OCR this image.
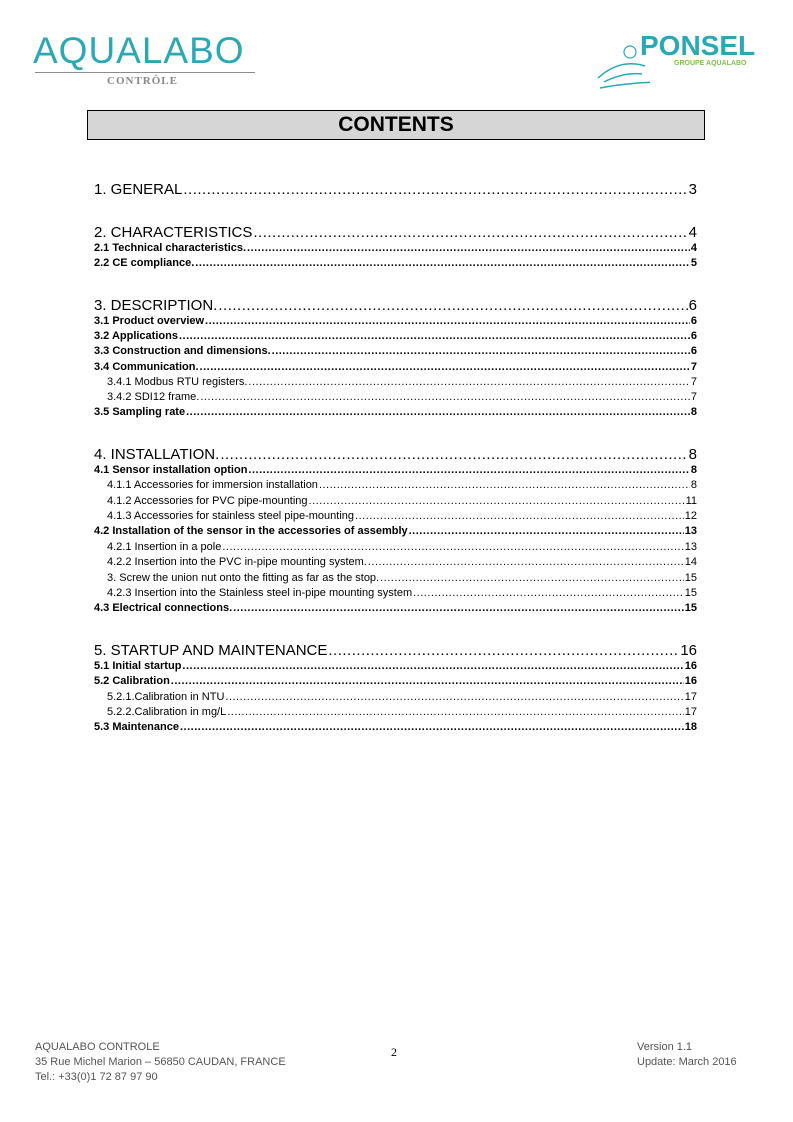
AQUALABO
CONTRÔLE
PONSEL
GROUPE AQUALABO
CONTENTS
1. GENERAL .....	3
2. CHARACTERISTICS .....	4
2.1 Technical characteristics. .....	4
2.2 CE compliance. .....	5
3. DESCRIPTION. .....	6
3.1 Product overview .....	6
3.2 Applications .....	6
3.3 Construction and dimensions. .....	6
3.4 Communication. .....	7
3.4.1 Modbus RTU registers. .....	7
3.4.2 SDI12 frame. .....	7
3.5 Sampling rate .....	8
4. INSTALLATION. .....	8
4.1 Sensor installation option .....	8
4.1.1 Accessories for immersion installation .....	8
4.1.2 Accessories for PVC pipe-mounting .....	11
4.1.3 Accessories for stainless steel pipe-mounting .....	12
4.2 Installation of the sensor in the accessories of assembly .....	13
4.2.1 Insertion in a pole .....	13
4.2.2 Insertion into the PVC in-pipe mounting system. .....	14
3. Screw the union nut onto the fitting as far as the stop. .....	15
4.2.3 Insertion into the Stainless steel in-pipe mounting system .....	15
4.3 Electrical connections. .....	15
5. STARTUP AND MAINTENANCE .....	16
5.1 Initial startup .....	16
5.2 Calibration .....	16
5.2.1.Calibration in NTU .....	17
5.2.2.Calibration in mg/L .....	17
5.3 Maintenance .....	18
AQUALABO CONTROLE
35 Rue Michel Marion – 56850 CAUDAN, FRANCE
Tel.: +33(0)1 72 87 97 90
2	Version 1.1
Update: March 2016
